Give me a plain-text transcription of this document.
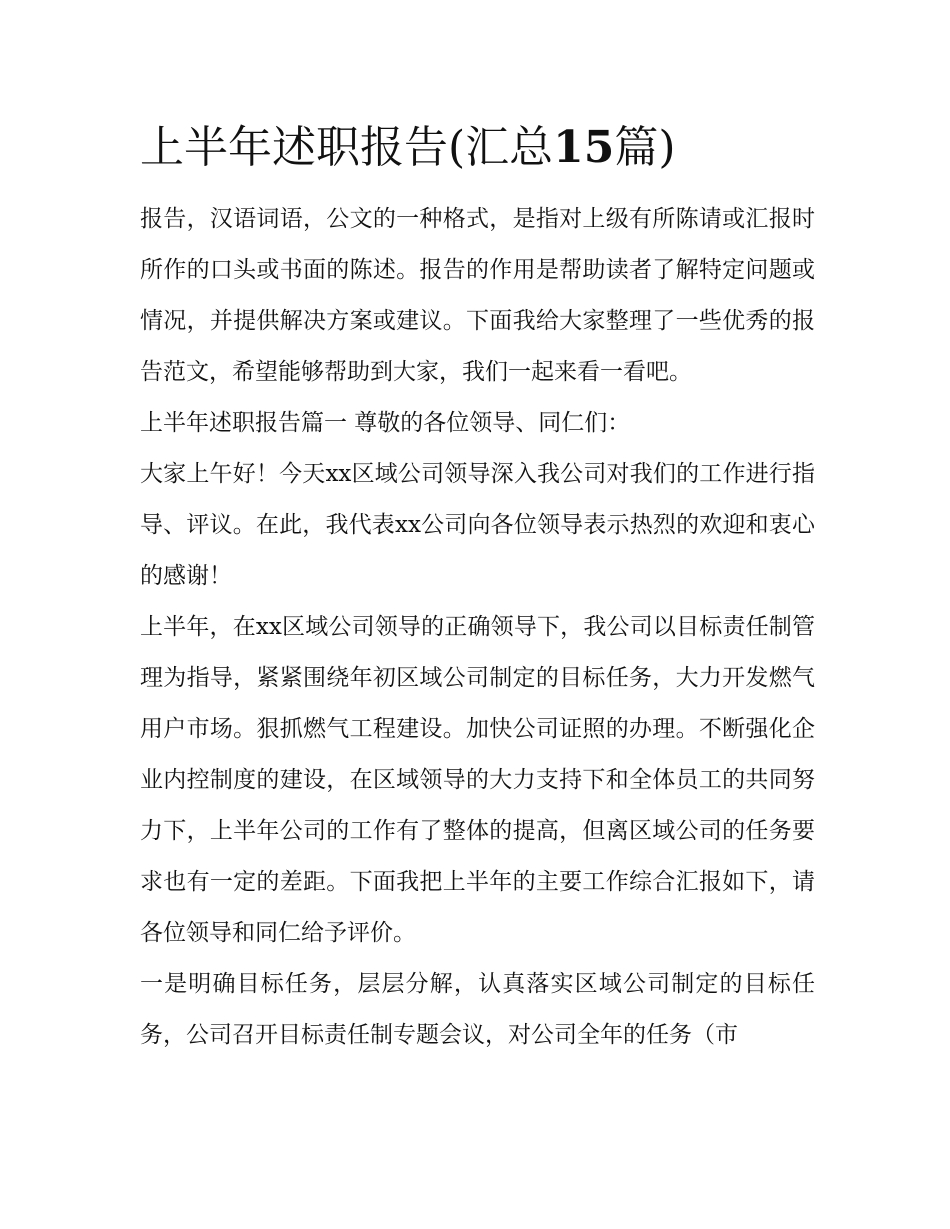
上半年述职报告(汇总15篇)

报告，汉语词语，公文的一种格式，是指对上级有所陈请或汇报时所作的口头或书面的陈述。报告的作用是帮助读者了解特定问题或情况，并提供解决方案或建议。下面我给大家整理了一些优秀的报告范文，希望能够帮助到大家，我们一起来看一看吧。

上半年述职报告篇一 尊敬的各位领导、同仁们：

大家上午好！今天xx区域公司领导深入我公司对我们的工作进行指导、评议。在此，我代表xx公司向各位领导表示热烈的欢迎和衷心的感谢！

上半年，在xx区域公司领导的正确领导下，我公司以目标责任制管理为指导，紧紧围绕年初区域公司制定的目标任务，大力开发燃气用户市场。狠抓燃气工程建设。加快公司证照的办理。不断强化企业内控制度的建设，在区域领导的大力支持下和全体员工的共同努力下，上半年公司的工作有了整体的提高，但离区域公司的任务要求也有一定的差距。下面我把上半年的主要工作综合汇报如下，请各位领导和同仁给予评价。

一是明确目标任务，层层分解，认真落实区域公司制定的目标任务，公司召开目标责任制专题会议，对公司全年的任务（市
